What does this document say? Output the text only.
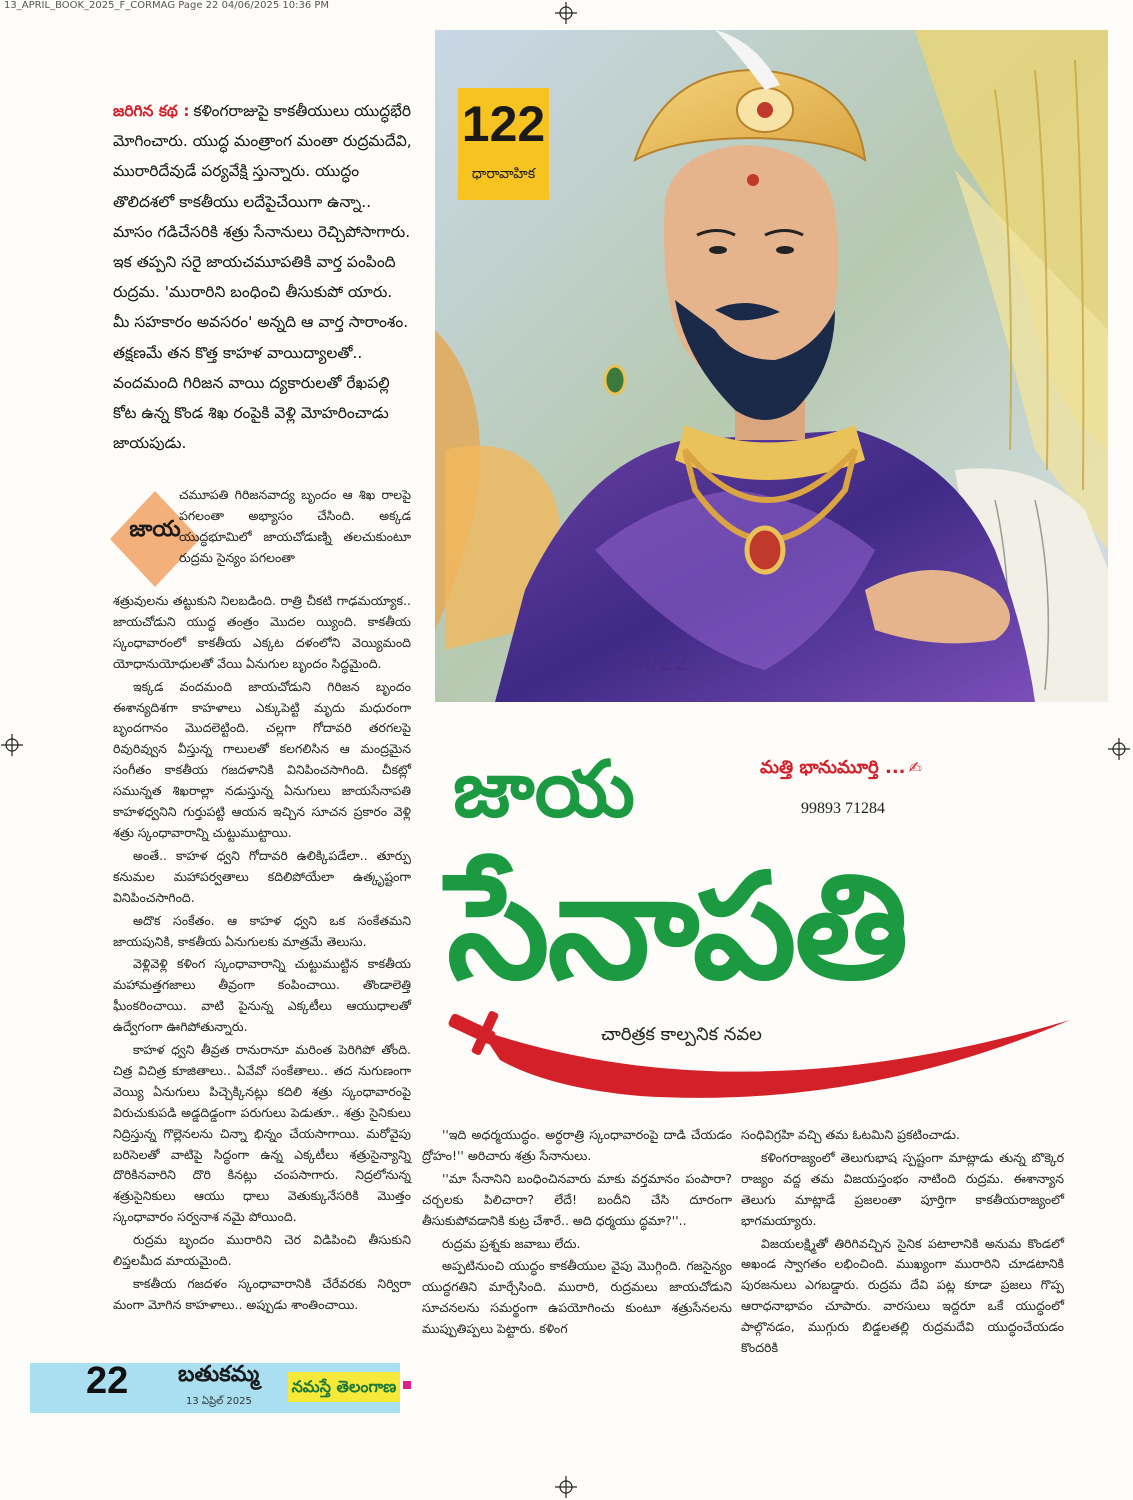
13_APRIL_BOOK_2025_F_CORMAG Page 22 04/06/2025 10:36 PM
SM/22
122
ధారావాహిక
జరిగిన కథ : కళింగరాజుపై కాకతీయులు యుద్ధభేరి మోగించారు. యుద్ధ మంత్రాంగ మంతా రుద్రమదేవి, మురారిదేవుడే పర్యవేక్షి స్తున్నారు. యుద్ధం తొలిదశలో కాకతీయు లదేపైచేయిగా ఉన్నా.. మాసం గడిచేసరికి శత్రు సేనానులు రెచ్చిపోసాగారు. ఇక తప్పని సరై జాయచమూపతికి వార్త పంపింది రుద్రమ. 'మురారిని బంధించి తీసుకుపో యారు. మీ సహకారం అవసరం' అన్నది ఆ వార్త సారాంశం. తక్షణమే తన కొత్త కాహళ వాయిద్యాలతో.. వందమంది గిరిజన వాయి ద్యకారులతో రేఖపల్లి కోట ఉన్న కొండ శిఖ రంపైకి వెళ్లి మోహరించాడు జాయపుడు.
జాయ

చమూపతి గిరిజనవాద్య బృందం ఆ శిఖ రాలపై పగలంతా అభ్యాసం చేసింది. అక్కడ యుద్ధభూమిలో జాయచోడుణ్ని తలచుకుంటూ రుద్రమ సైన్యం పగలంతా

శత్రువులను తట్టుకుని నిలబడింది. రాత్రి చీకటి గాఢమయ్యాక.. జాయచోడుని యుద్ధ తంత్రం మొదల య్యింది. కాకతీయ స్కంధావారంలో కాకతీయ ఎక్కట దళంలోని వెయ్యిమంది యోధానుయోధులతో వేయి ఏనుగుల బృందం సిద్ధమైంది.

ఇక్కడ వందమంది జాయచోడుని గిరిజన బృందం ఈశాన్యదిశగా కాహళాలు ఎక్కుపెట్టి మృదు మధురంగా బృందగానం మొదలెట్టింది. చల్లగా గోదావరి తరగలపై రివురివ్వున వీస్తున్న గాలులతో కలగలిసిన ఆ మంద్రమైన సంగీతం కాకతీయ గజదళానికి వినిపించసాగింది. చీకట్లో సమున్నత శిఖరాల్లా నడుస్తున్న ఏనుగులు జాయసేనాపతి కాహళధ్వనిని గుర్తుపట్టి ఆయన ఇచ్చిన సూచన ప్రకారం వెళ్లి శత్రు స్కంధావారాన్ని చుట్టుముట్టాయి.

అంతే.. కాహళ ధ్వని గోదావరి ఉలిక్కిపడేలా.. తూర్పు కనుమల మహాపర్వతాలు కదిలిపోయేలా ఉత్కృష్టంగా వినిపించసాగింది.

అదొక సంకేతం. ఆ కాహళ ధ్వని ఒక సంకేతమని జాయపునికి, కాకతీయ ఏనుగులకు మాత్రమే తెలుసు.

వెళ్లివెళ్లి కళింగ స్కంధావారాన్ని చుట్టుముట్టిన కాకతీయ మహామత్తగజాలు తీవ్రంగా కంపించాయి. తొండాలెత్తి ఘీంకరించాయి. వాటి పైనున్న ఎక్కటీలు ఆయుధాలతో ఉద్వేగంగా ఊగిపోతున్నారు.

కాహళ ధ్వని తీవ్రత రానురానూ మరింత పెరిగిపో తోంది. చిత్ర విచిత్ర కూజితాలు.. ఏవేవో సంకేతాలు.. తద నుగుణంగా వెయ్యి ఏనుగులు పిచ్చెక్కినట్లు కదిలి శత్రు స్కంధావారంపై విరుచుకుపడి అడ్డదిడ్డంగా పరుగులు పెడుతూ.. శత్రు సైనికులు నిద్రిస్తున్న గొల్లెనలను చిన్నా భిన్నం చేయసాగాయి. మరోవైపు బరిసెలతో వాటిపై సిద్ధంగా ఉన్న ఎక్కటీలు శత్రుసైన్యాన్ని దొరికినవారిని దొరి కినట్లు చంపసాగారు. నిద్రలోనున్న శత్రుసైనికులు ఆయు ధాలు వెతుక్కునేసరికి మొత్తం స్కంధావారం సర్వనాశ నమై పోయింది.

రుద్రమ బృందం మురారిని చెర విడిపించి తీసుకుని లిప్తలమీద మాయమైంది.

కాకతీయ గజదళం స్కంధావారానికి చేరేవరకు నిర్విరా మంగా మోగిన కాహళాలు.. అప్పుడు శాంతించాయి.

జాయ
సేనాపతి
చారిత్రక కాల్పనిక నవల
మత్తి భానుమూర్తి ... ✍
99893 71284

''ఇది అధర్మయుద్ధం. అర్ధరాత్రి స్కంధావారంపై దాడి చేయడం ద్రోహం!'' అరిచారు శత్రు సేనానులు.

''మా సేనానిని బంధించినవారు మాకు వర్తమానం పంపారా? చర్చలకు పిలిచారా? లేదే! బందీని చేసి దూరంగా తీసుకుపోవడానికి కుట్ర చేశారే.. అది ధర్మయు ద్ధమా?''..

రుద్రమ ప్రశ్నకు జవాబు లేదు.

అప్పటినుంచి యుద్ధం కాకతీయుల వైపు మొగ్గింది. గజసైన్యం యుద్ధగతిని మార్చేసింది. మురారి, రుద్రమలు జాయచోడుని సూచనలను సమర్థంగా ఉపయోగించు కుంటూ శత్రుసేనలను ముప్పుతిప్పలు పెట్టారు. కళింగ

సంధివిగ్రహి వచ్చి తమ ఓటమిని ప్రకటించాడు.

కళింగరాజ్యంలో తెలుగుభాష స్పష్టంగా మాట్లాడు తున్న బొక్కెర రాజ్యం వద్ద తమ విజయస్తంభం నాటింది రుద్రమ. ఈశాన్యాన తెలుగు మాట్లాడే ప్రజలంతా పూర్తిగా కాకతీయరాజ్యంలో భాగమయ్యారు.

విజయలక్ష్మితో తిరిగివచ్చిన సైనిక పటాలానికి అనుమ కొండలో అఖండ స్వాగతం లభించింది. ముఖ్యంగా మురారిని చూడటానికి పురజనులు ఎగబడ్డారు. రుద్రమ దేవి పట్ల కూడా ప్రజలు గొప్ప ఆరాధనాభావం చూపారు. వారసులు ఇద్దరూ ఒకే యుద్ధంలో పాల్గొనడం, ముగ్గురు బిడ్డలతల్లి రుద్రమదేవి యుద్ధంచేయడం కొందరికి

22 బతుకమ్మ
13 ఏప్రిల్ 2025
నమస్తే తెలంగాణ
